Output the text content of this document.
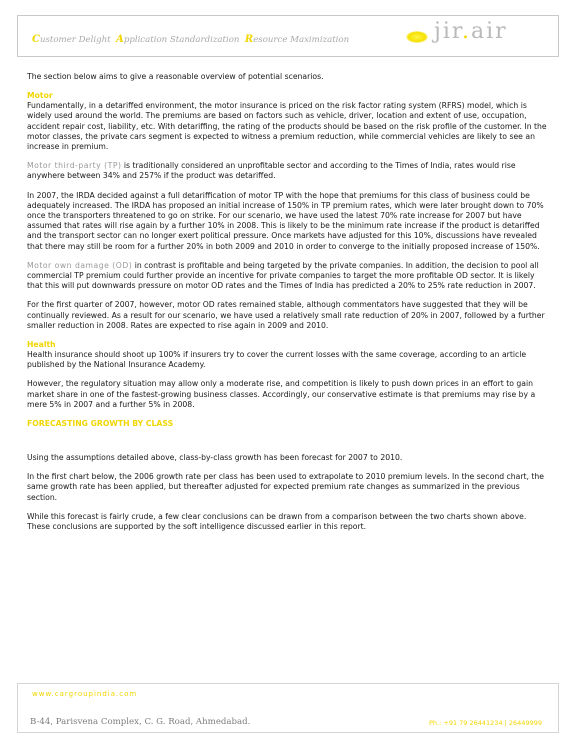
Customer Delight Application Standardization Resource Maximization	jir.air

The section below aims to give a reasonable overview of potential scenarios.

Motor

Fundamentally, in a detariffed environment, the motor insurance is priced on the risk factor rating system (RFRS) model, which is widely used around the world. The premiums are based on factors such as vehicle, driver, location and extent of use, occupation, accident repair cost, liability, etc. With detariffing, the rating of the products should be based on the risk profile of the customer. In the motor classes, the private cars segment is expected to witness a premium reduction, while commercial vehicles are likely to see an increase in premium.

Motor third-party (TP) is traditionally considered an unprofitable sector and according to the Times of India, rates would rise anywhere between 34% and 257% if the product was detariffed.

In 2007, the IRDA decided against a full detariffication of motor TP with the hope that premiums for this class of business could be adequately increased. The IRDA has proposed an initial increase of 150% in TP premium rates, which were later brought down to 70% once the transporters threatened to go on strike. For our scenario, we have used the latest 70% rate increase for 2007 but have assumed that rates will rise again by a further 10% in 2008. This is likely to be the minimum rate increase if the product is detariffed and the transport sector can no longer exert political pressure. Once markets have adjusted for this 10%, discussions have revealed that there may still be room for a further 20% in both 2009 and 2010 in order to converge to the initially proposed increase of 150%.

Motor own damage (OD) in contrast is profitable and being targeted by the private companies. In addition, the decision to pool all commercial TP premium could further provide an incentive for private companies to target the more profitable OD sector. It is likely that this will put downwards pressure on motor OD rates and the Times of India has predicted a 20% to 25% rate reduction in 2007.

For the first quarter of 2007, however, motor OD rates remained stable, although commentators have suggested that they will be continually reviewed. As a result for our scenario, we have used a relatively small rate reduction of 20% in 2007, followed by a further smaller reduction in 2008. Rates are expected to rise again in 2009 and 2010.

Health

Health insurance should shoot up 100% if insurers try to cover the current losses with the same coverage, according to an article published by the National Insurance Academy.

However, the regulatory situation may allow only a moderate rise, and competition is likely to push down prices in an effort to gain market share in one of the fastest-growing business classes. Accordingly, our conservative estimate is that premiums may rise by a mere 5% in 2007 and a further 5% in 2008.

FORECASTING GROWTH BY CLASS

Using the assumptions detailed above, class-by-class growth has been forecast for 2007 to 2010.

In the first chart below, the 2006 growth rate per class has been used to extrapolate to 2010 premium levels. In the second chart, the same growth rate has been applied, but thereafter adjusted for expected premium rate changes as summarized in the previous section.

While this forecast is fairly crude, a few clear conclusions can be drawn from a comparison between the two charts shown above. These conclusions are supported by the soft intelligence discussed earlier in this report.

www.cargroupindia.com
B-44, Parisvena Complex, C. G. Road, Ahmedabad.	Ph.: +91 79 26441234 | 26449999
